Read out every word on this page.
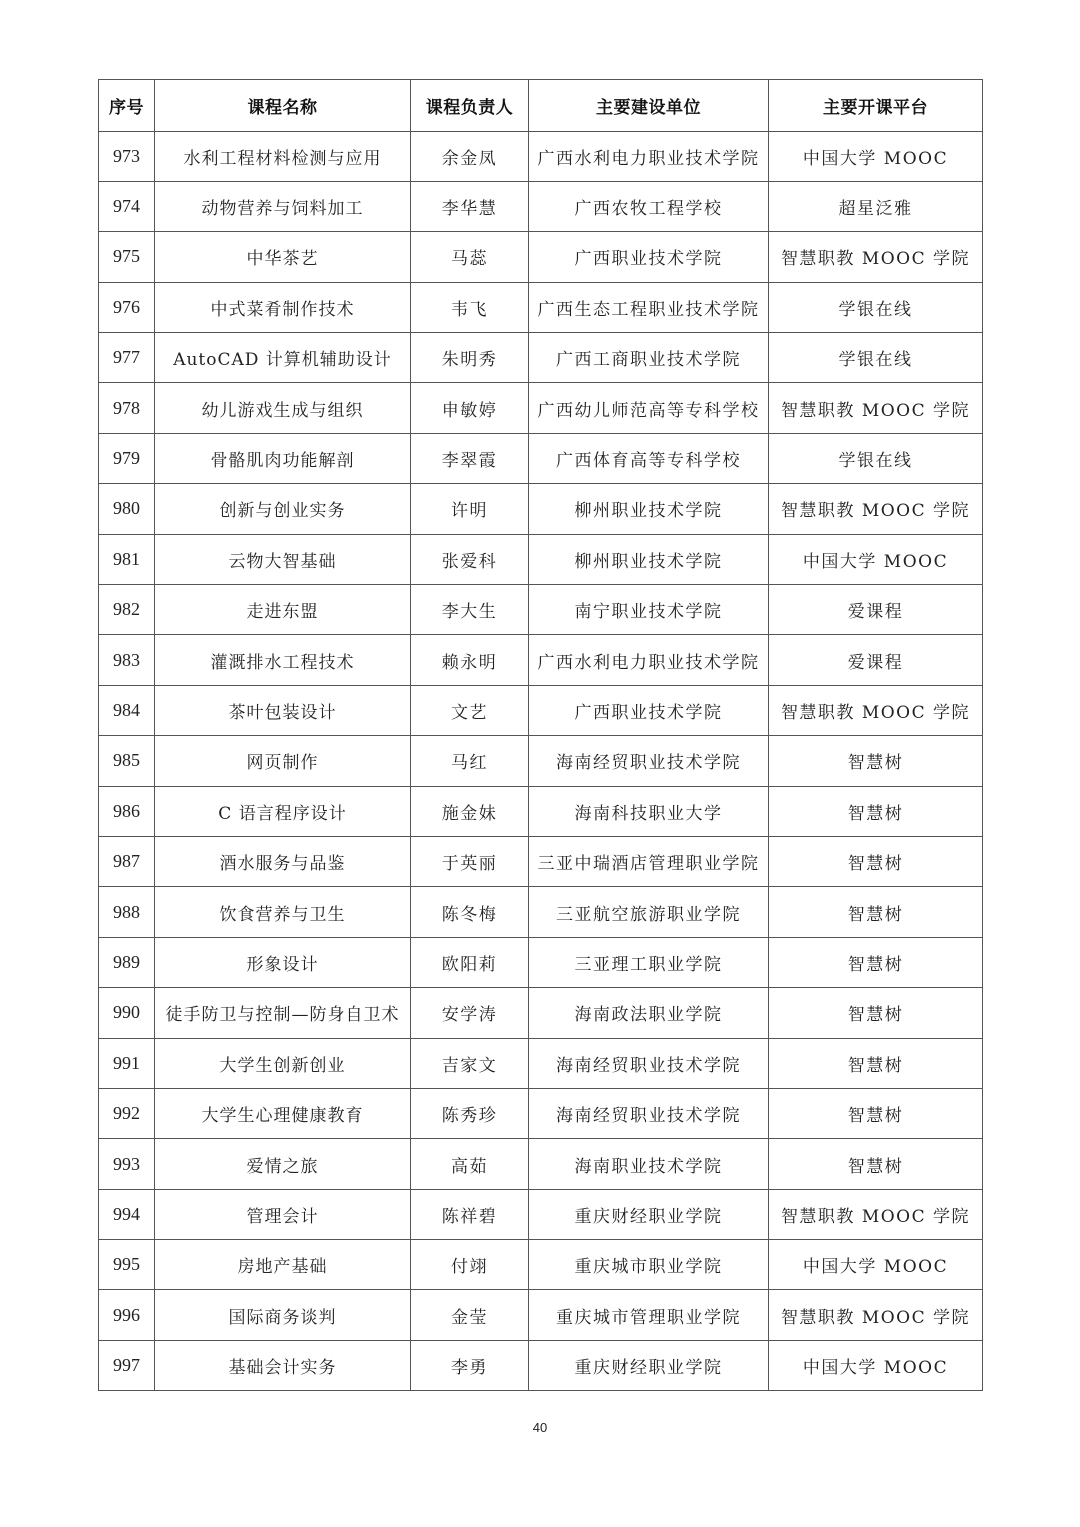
序号	课程名称	课程负责人	主要建设单位	主要开课平台
973	水利工程材料检测与应用	余金凤	广西水利电力职业技术学院	中国大学 MOOC
974	动物营养与饲料加工	李华慧	广西农牧工程学校	超星泛雅
975	中华茶艺	马蕊	广西职业技术学院	智慧职教 MOOC 学院
976	中式菜肴制作技术	韦飞	广西生态工程职业技术学院	学银在线
977	AutoCAD 计算机辅助设计	朱明秀	广西工商职业技术学院	学银在线
978	幼儿游戏生成与组织	申敏婷	广西幼儿师范高等专科学校	智慧职教 MOOC 学院
979	骨骼肌肉功能解剖	李翠霞	广西体育高等专科学校	学银在线
980	创新与创业实务	许明	柳州职业技术学院	智慧职教 MOOC 学院
981	云物大智基础	张爱科	柳州职业技术学院	中国大学 MOOC
982	走进东盟	李大生	南宁职业技术学院	爱课程
983	灌溉排水工程技术	赖永明	广西水利电力职业技术学院	爱课程
984	茶叶包装设计	文艺	广西职业技术学院	智慧职教 MOOC 学院
985	网页制作	马红	海南经贸职业技术学院	智慧树
986	C 语言程序设计	施金妹	海南科技职业大学	智慧树
987	酒水服务与品鉴	于英丽	三亚中瑞酒店管理职业学院	智慧树
988	饮食营养与卫生	陈冬梅	三亚航空旅游职业学院	智慧树
989	形象设计	欧阳莉	三亚理工职业学院	智慧树
990	徒手防卫与控制—防身自卫术	安学涛	海南政法职业学院	智慧树
991	大学生创新创业	吉家文	海南经贸职业技术学院	智慧树
992	大学生心理健康教育	陈秀珍	海南经贸职业技术学院	智慧树
993	爱情之旅	高茹	海南职业技术学院	智慧树
994	管理会计	陈祥碧	重庆财经职业学院	智慧职教 MOOC 学院
995	房地产基础	付翊	重庆城市职业学院	中国大学 MOOC
996	国际商务谈判	金莹	重庆城市管理职业学院	智慧职教 MOOC 学院
997	基础会计实务	李勇	重庆财经职业学院	中国大学 MOOC
40
